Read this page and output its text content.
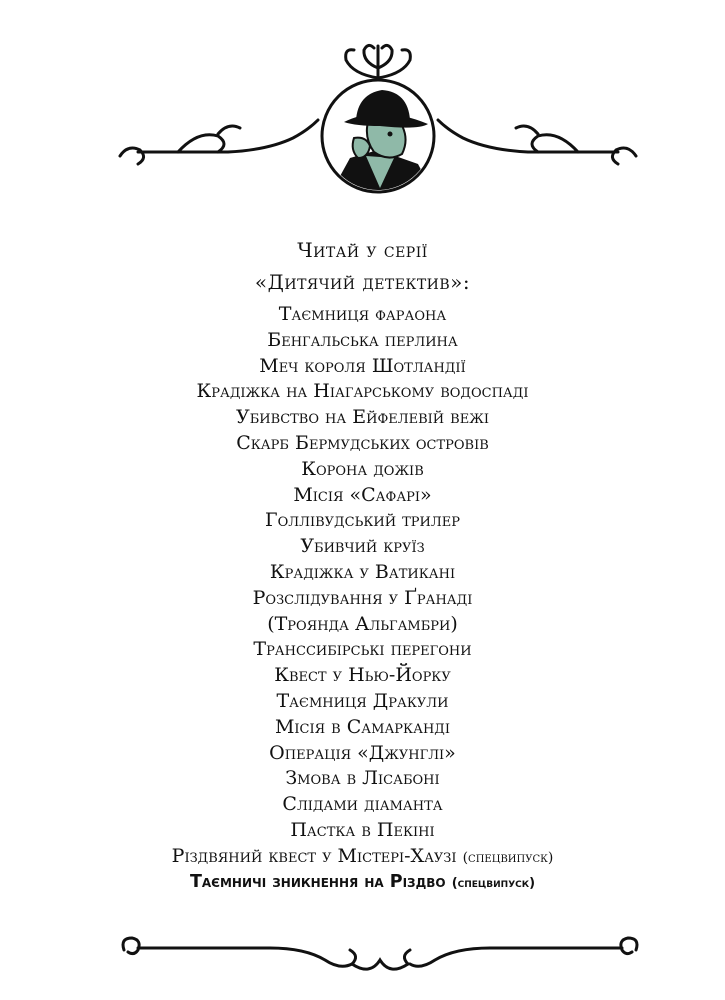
Читай у серії
«Дитячий детектив»:
Таємниця фараона
Бенгальська перлина
Меч короля Шотландії
Крадіжка на Ніагарському водоспаді
Убивство на Ейфелевій вежі
Скарб Бермудських островів
Корона дожів
Місія «Сафарі»
Голлівудський трилер
Убивчий круїз
Крадіжка у Ватикані
Розслідування у Ґранаді
(Троянда Альгамбри)
Транссибірські перегони
Квест у Нью-Йорку
Таємниця Дракули
Місія в Самарканді
Операція «Джунглі»
Змова в Лісабоні
Слідами діаманта
Пастка в Пекіні
Різдвяний квест у Містері-Хаузі (спецвипуск)
Таємничі зникнення на Різдво (спецвипуск)
